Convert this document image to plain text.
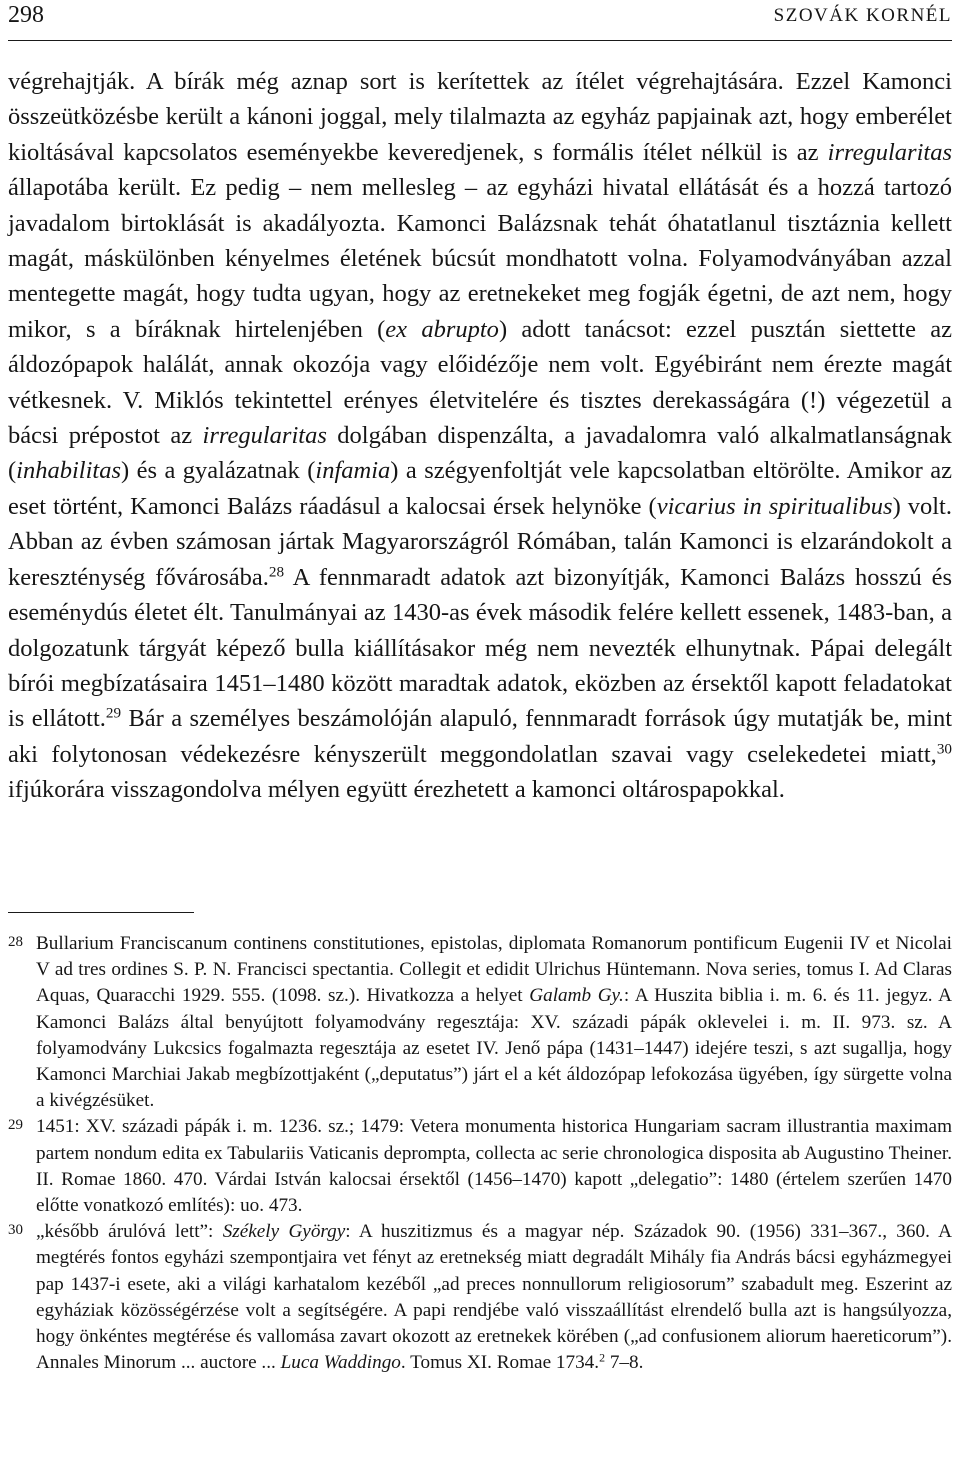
298	SZOVÁK KORNÉL

végrehajtják. A bírák még aznap sort is kerítettek az ítélet végrehajtására. Ezzel Kamonci összeütközésbe került a kánoni joggal, mely tilalmazta az egyház papjainak azt, hogy emberélet kioltásával kapcsolatos eseményekbe keveredjenek, s formális ítélet nélkül is az irregularitas állapotába került. Ez pedig – nem mellesleg – az egyházi hivatal ellátását és a hozzá tartozó javadalom birtoklását is akadályozta. Kamonci Balázsnak tehát óhatatlanul tisztáznia kellett magát, máskülönben kényelmes életének búcsút mondhatott volna. Folyamodványában azzal mentegette magát, hogy tudta ugyan, hogy az eretnekeket meg fogják égetni, de azt nem, hogy mikor, s a bíráknak hirtelenjében (ex abrupto) adott tanácsot: ezzel pusztán siettette az áldozópapok halálát, annak okozója vagy előidézője nem volt. Egyébiránt nem érezte magát vétkesnek. V. Miklós tekintettel erényes életvitelére és tisztes derekasságára (!) végezetül a bácsi prépostot az irregularitas dolgában dispenzálta, a javadalomra való alkalmatlanságnak (inhabilitas) és a gyalázatnak (infamia) a szégyenfoltját vele kapcsolatban eltörölte. Amikor az eset történt, Kamonci Balázs ráadásul a kalocsai érsek helynöke (vicarius in spiritualibus) volt. Abban az évben számosan jártak Magyarországról Rómában, talán Kamonci is elzarándokolt a kereszténység fővárosába.$^{28}$ A fennmaradt adatok azt bizonyítják, Kamonci Balázs hosszú és eseménydús életet élt. Tanulmányai az 1430-as évek második felére kellett essenek, 1483-ban, a dolgozatunk tárgyát képező bulla kiállításakor még nem nevezték elhunytnak. Pápai delegált bírói megbízatásaira 1451–1480 között maradtak adatok, eközben az érsektől kapott feladatokat is ellátott.$^{29}$ Bár a személyes beszámolóján alapuló, fennmaradt források úgy mutatják be, mint aki folytonosan védekezésre kényszerült meggondolatlan szavai vagy cselekedetei miatt,$^{30}$ ifjúkorára visszagondolva mélyen együtt érezhetett a kamonci oltárospapokkal.

28 Bullarium Franciscanum continens constitutiones, epistolas, diplomata Romanorum pontificum Eugenii IV et Nicolai V ad tres ordines S. P. N. Francisci spectantia. Collegit et edidit Ulrichus Hüntemann. Nova series, tomus I. Ad Claras Aquas, Quaracchi 1929. 555. (1098. sz.). Hivatkozza a helyet Galamb Gy.: A Huszita biblia i. m. 6. és 11. jegyz. A Kamonci Balázs által benyújtott folyamodvány regesztája: XV. századi pápák oklevelei i. m. II. 973. sz. A folyamodvány Lukcsics fogalmazta regesztája az esetet IV. Jenő pápa (1431–1447) idejére teszi, s azt sugallja, hogy Kamonci Marchiai Jakab megbízottjaként („deputatus”) járt el a két áldozópap lefokozása ügyében, így sürgette volna a kivégzésüket.
29 1451: XV. századi pápák i. m. 1236. sz.; 1479: Vetera monumenta historica Hungariam sacram illustrantia maximam partem nondum edita ex Tabulariis Vaticanis deprompta, collecta ac serie chronologica disposita ab Augustino Theiner. II. Romae 1860. 470. Várdai István kalocsai érsektől (1456–1470) kapott „delegatio”: 1480 (értelem szerűen 1470 előtte vonatkozó említés): uo. 473.
30 „később árulóvá lett”: Székely György: A huszitizmus és a magyar nép. Századok 90. (1956) 331–367., 360. A megtérés fontos egyházi szempontjaira vet fényt az eretnekség miatt degradált Mihály fia András bácsi egyházmegyei pap 1437-i esete, aki a világi karhatalom kezéből „ad preces nonnullorum religiosorum” szabadult meg. Eszerint az egyháziak közösségérzése volt a segítségére. A papi rendjébe való visszaállítást elrendelő bulla azt is hangsúlyozza, hogy önkéntes megtérése és vallomása zavart okozott az eretnekek körében („ad confusionem aliorum haereticorum”). Annales Minorum ... auctore ... Luca Waddingo. Tomus XI. Romae 1734.$^2$ 7–8.
